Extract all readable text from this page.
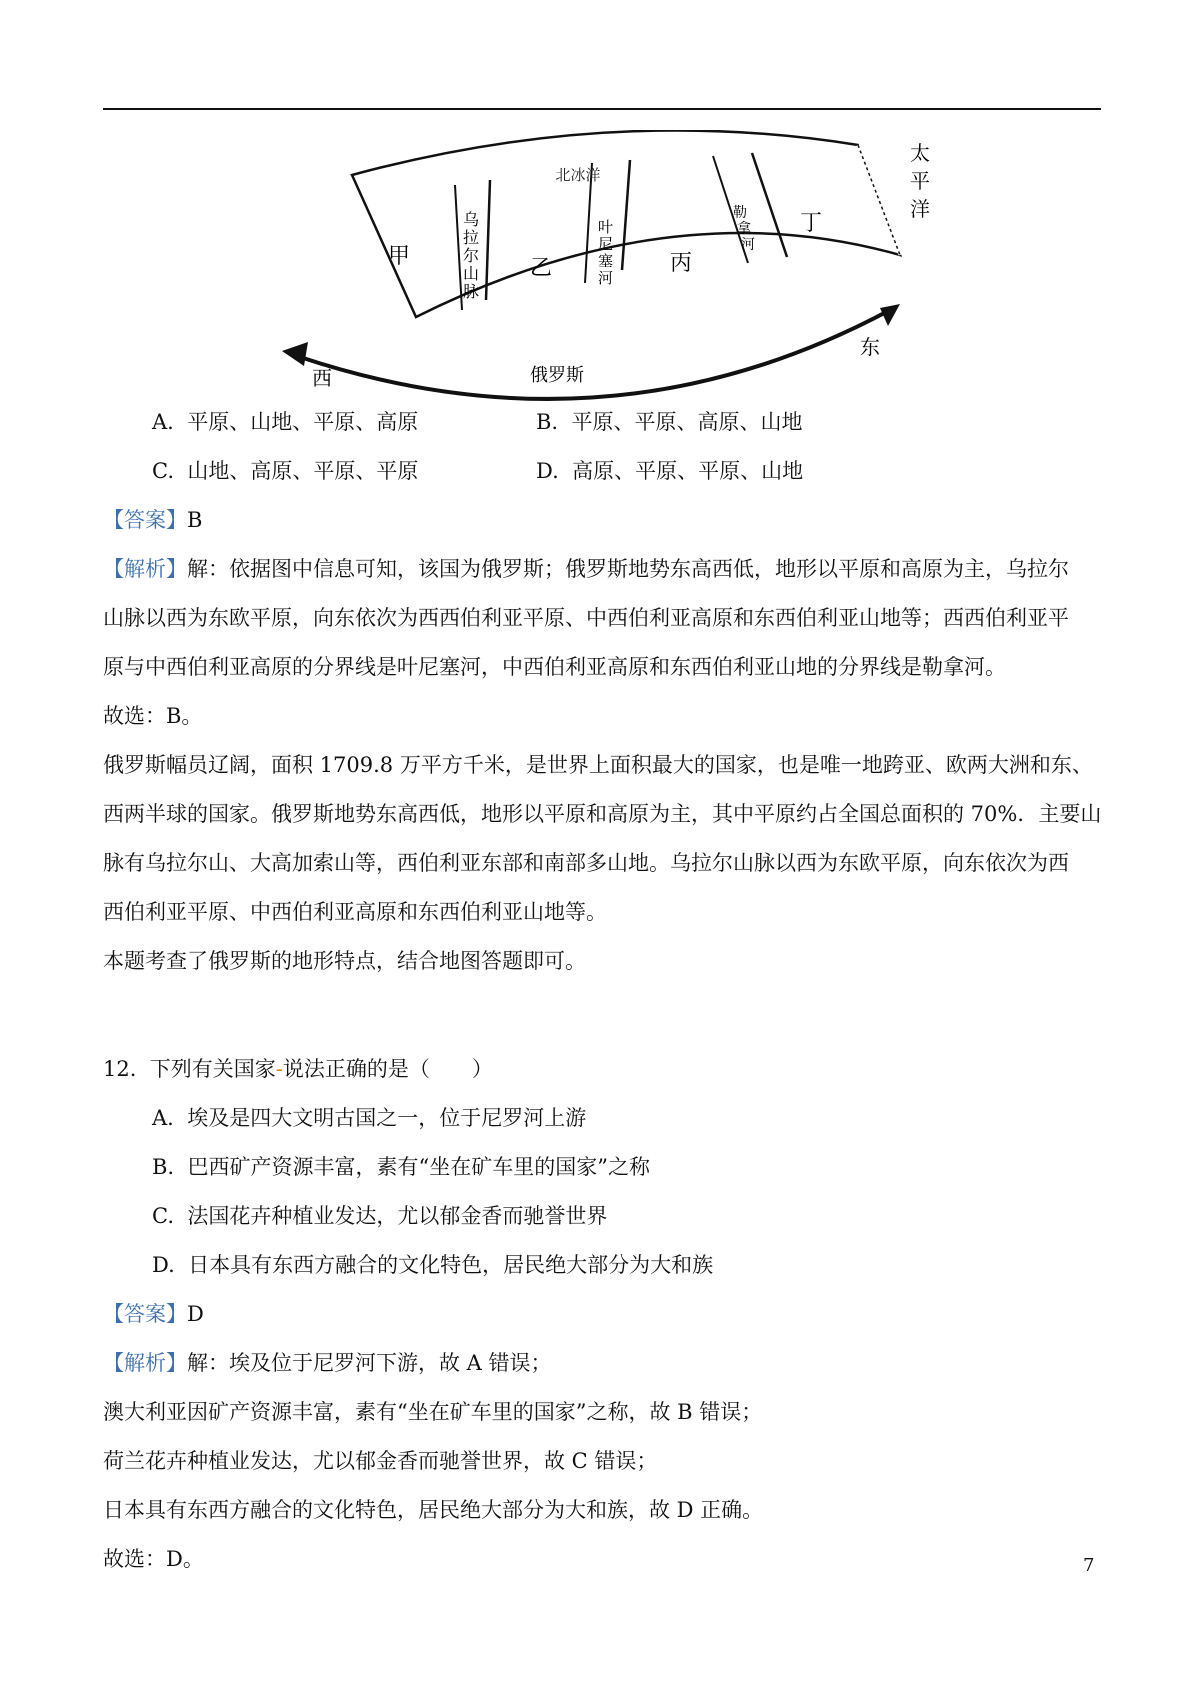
北冰洋
太
平
洋
甲	乙	丙
丁
乌
拉
尔
山
脉
叶
尼
塞
河
勒
拿
河
西
东
俄罗斯
A. 平原、山地、平原、高原	B. 平原、平原、高原、山地
C. 山地、高原、平原、平原	D. 高原、平原、平原、山地
【答案】B
【解析】解：依据图中信息可知，该国为俄罗斯；俄罗斯地势东高西低，地形以平原和高原为主，乌拉尔
山脉以西为东欧平原，向东依次为西西伯利亚平原、中西伯利亚高原和东西伯利亚山地等；西西伯利亚平
原与中西伯利亚高原的分界线是叶尼塞河，中西伯利亚高原和东西伯利亚山地的分界线是勒拿河。
故选：B。
俄罗斯幅员辽阔，面积 1709.8 万平方千米，是世界上面积最大的国家，也是唯一地跨亚、欧两大洲和东、
西两半球的国家。俄罗斯地势东高西低，地形以平原和高原为主，其中平原约占全国总面积的 70%．主要山
脉有乌拉尔山、大高加索山等，西伯利亚东部和南部多山地。乌拉尔山脉以西为东欧平原，向东依次为西
西伯利亚平原、中西伯利亚高原和东西伯利亚山地等。
本题考查了俄罗斯的地形特点，结合地图答题即可。
12. 下列有关国家-说法正确的是（　　）
A. 埃及是四大文明古国之一，位于尼罗河上游
B. 巴西矿产资源丰富，素有“坐在矿车里的国家”之称
C. 法国花卉种植业发达，尤以郁金香而驰誉世界
D. 日本具有东西方融合的文化特色，居民绝大部分为大和族
【答案】D
【解析】解：埃及位于尼罗河下游，故 A 错误；
澳大利亚因矿产资源丰富，素有“坐在矿车里的国家”之称，故 B 错误；
荷兰花卉种植业发达，尤以郁金香而驰誉世界，故 C 错误；
日本具有东西方融合的文化特色，居民绝大部分为大和族，故 D 正确。
故选：D。	7
